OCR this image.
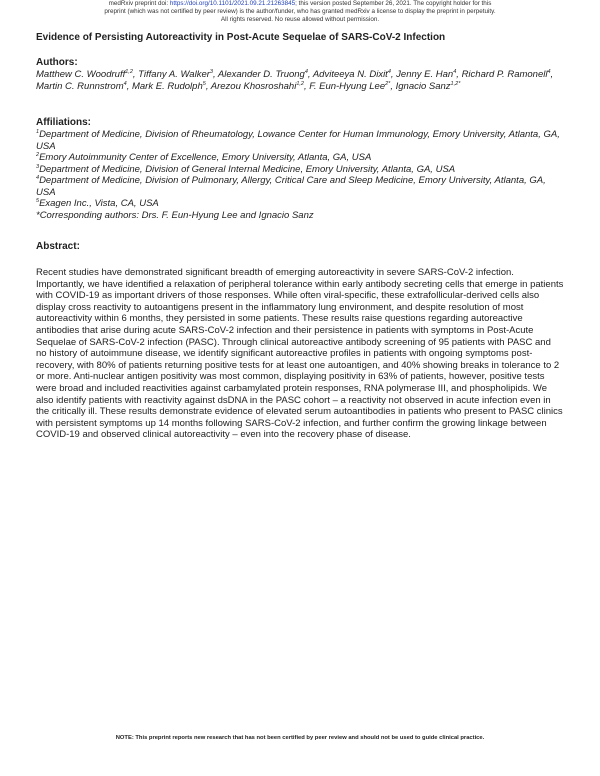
medRxiv preprint doi: https://doi.org/10.1101/2021.09.21.21263845; this version posted September 26, 2021. The copyright holder for this
preprint (which was not certified by peer review) is the author/funder, who has granted medRxiv a license to display the preprint in perpetuity.
All rights reserved. No reuse allowed without permission.
Evidence of Persisting Autoreactivity in Post-Acute Sequelae of SARS-CoV-2 Infection
Authors:
Matthew C. Woodruff$^{1,2}$, Tiffany A. Walker$^3$, Alexander D. Truong$^4$, Adviteeya N. Dixit$^4$, Jenny E. Han$^4$, Richard P. Ramonell$^4$, Martin C. Runnstrom$^4$, Mark E. Rudolph$^5$, Arezou Khosroshahi$^{1,2}$, F. Eun-Hyung Lee$^{2*}$, Ignacio Sanz$^{1,2*}$
Affiliations:
$^1$Department of Medicine, Division of Rheumatology, Lowance Center for Human Immunology, Emory University, Atlanta, GA, USA
$^2$Emory Autoimmunity Center of Excellence, Emory University, Atlanta, GA, USA
$^3$Department of Medicine, Division of General Internal Medicine, Emory University, Atlanta, GA, USA
$^4$Department of Medicine, Division of Pulmonary, Allergy, Critical Care and Sleep Medicine, Emory University, Atlanta, GA, USA
$^5$Exagen Inc., Vista, CA, USA
*Corresponding authors: Drs. F. Eun-Hyung Lee and Ignacio Sanz
Abstract:

Recent studies have demonstrated significant breadth of emerging autoreactivity in severe SARS-CoV-2 infection. Importantly, we have identified a relaxation of peripheral tolerance within early antibody secreting cells that emerge in patients with COVID-19 as important drivers of those responses. While often viral-specific, these extrafollicular-derived cells also display cross reactivity to autoantigens present in the inflammatory lung environment, and despite resolution of most autoreactivity within 6 months, they persisted in some patients. These results raise questions regarding autoreactive antibodies that arise during acute SARS-CoV-2 infection and their persistence in patients with symptoms in Post-Acute Sequelae of SARS-CoV-2 infection (PASC). Through clinical autoreactive antibody screening of 95 patients with PASC and no history of autoimmune disease, we identify significant autoreactive profiles in patients with ongoing symptoms post-recovery, with 80% of patients returning positive tests for at least one autoantigen, and 40% showing breaks in tolerance to 2 or more. Anti-nuclear antigen positivity was most common, displaying positivity in 63% of patients, however, positive tests were broad and included reactivities against carbamylated protein responses, RNA polymerase III, and phospholipids. We also identify patients with reactivity against dsDNA in the PASC cohort – a reactivity not observed in acute infection even in the critically ill. These results demonstrate evidence of elevated serum autoantibodies in patients who present to PASC clinics with persistent symptoms up 14 months following SARS-CoV-2 infection, and further confirm the growing linkage between COVID-19 and observed clinical autoreactivity – even into the recovery phase of disease.

NOTE: This preprint reports new research that has not been certified by peer review and should not be used to guide clinical practice.
